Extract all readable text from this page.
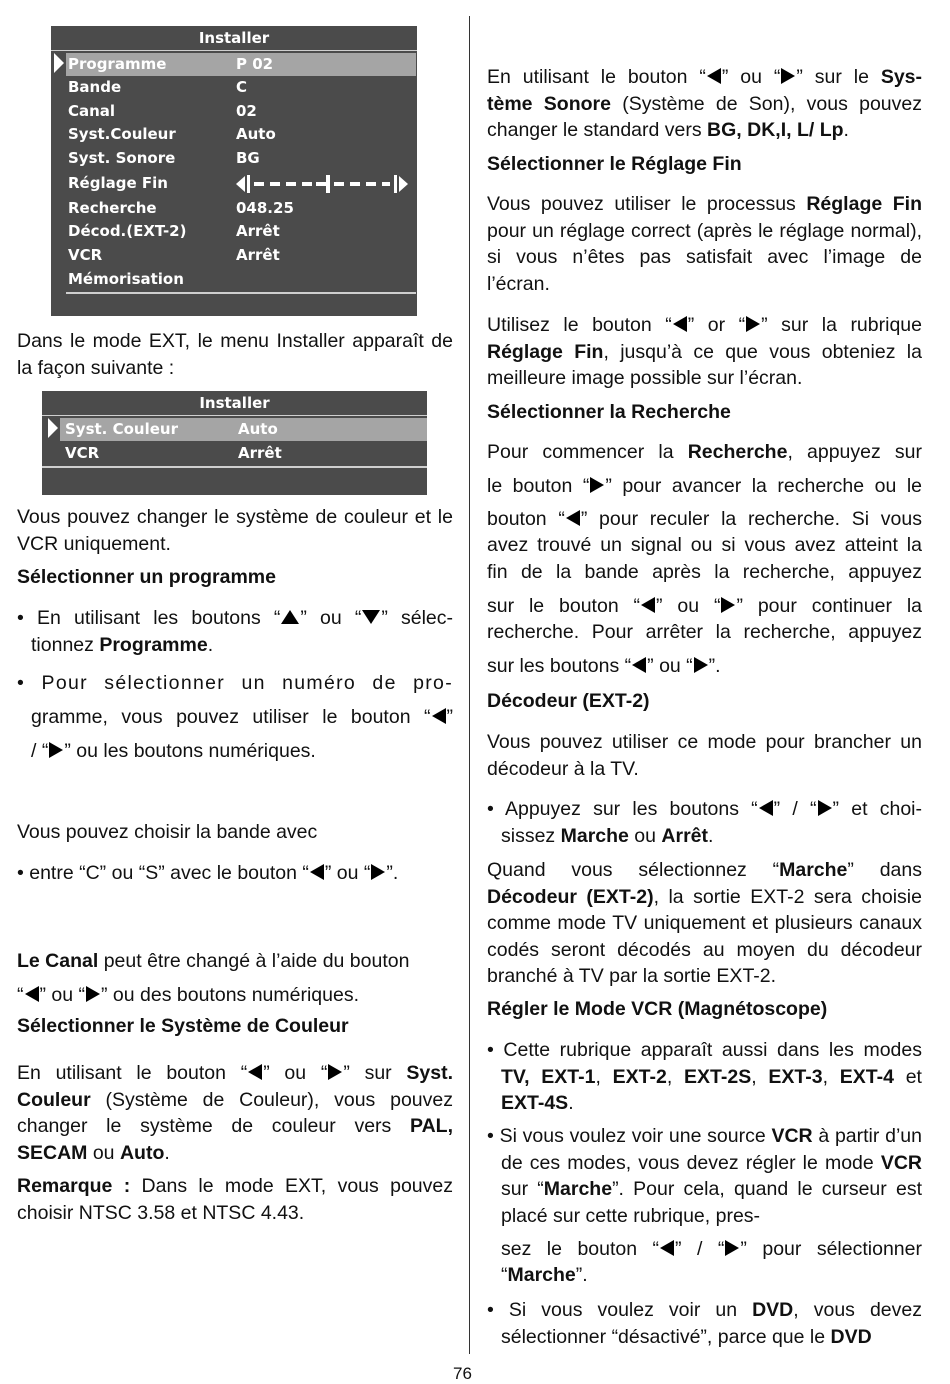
Installer
Programme	P 02
Bande	C
Canal	02
Syst.Couleur	Auto
Syst. Sonore	BG
Réglage Fin
Recherche	048.25
Décod.(EXT-2)	Arrêt
VCR	Arrêt
Mémorisation
Installer
Syst. Couleur	Auto
VCR	Arrêt

Dans le mode EXT, le menu Installer apparaît de la façon suivante :

Vous pouvez changer le système de couleur et le VCR uniquement.

Sélectionner un programme
• En utilisant les boutons “ ” ou “ ” sélec-
tionnez Programme.
• Pour sélectionner un numéro de pro-
gramme, vous pouvez utiliser le bouton “ ”
/ “ ” ou les boutons numériques.

Vous pouvez choisir la bande avec

• entre “C” ou “S” avec le bouton “ ” ou “ ”.
Le Canal peut être changé à l’aide du bouton
“ ” ou “ ” ou des boutons numériques.
Sélectionner le Système de Couleur
En utilisant le bouton “ ” ou “ ” sur Syst.
Couleur (Système de Couleur), vous pouvez
changer le système de couleur vers PAL,
SECAM ou Auto.

Remarque : Dans le mode EXT, vous pouvez choisir NTSC 3.58 et NTSC 4.43.

En utilisant le bouton “ ” ou “ ” sur le Sys-
tème Sonore (Système de Son), vous pouvez
changer le standard vers BG, DK,I, L/ Lp.
Sélectionner le Réglage Fin

Vous pouvez utiliser le processus Réglage Fin pour un réglage correct (après le réglage normal), si vous n’êtes pas satisfait avec l’image de l’écran.

Utilisez le bouton “ ” or “ ” sur la rubrique
Réglage Fin, jusqu’à ce que vous obteniez la meilleure image possible sur l’écran.
Sélectionner la Recherche
Pour commencer la Recherche, appuyez sur
le bouton “ ” pour avancer la recherche ou le
bouton “ ” pour reculer la recherche. Si vous
avez trouvé un signal ou si vous avez atteint la
fin de la bande après la recherche, appuyez
sur le bouton “ ” ou “ ” pour continuer la
recherche. Pour arrêter la recherche, appuyez
sur les boutons “ ” ou “ ”.
Décodeur (EXT-2)

Vous pouvez utiliser ce mode pour brancher un décodeur à la TV.

• Appuyez sur les boutons “ ” / “ ” et choi-
sissez Marche ou Arrêt.

Quand vous sélectionnez “Marche” dans Décodeur (EXT-2), la sortie EXT-2 sera choisie comme mode TV uniquement et plusieurs canaux codés seront décodés au moyen du décodeur branché à TV par la sortie EXT-2.

Régler le Mode VCR (Magnétoscope)
• Cette rubrique apparaît aussi dans les modes TV, EXT-1, EXT-2, EXT-2S, EXT-3, EXT-4 et EXT-4S.
• Si vous voulez voir une source VCR à partir d’un de ces modes, vous devez régler le mode VCR sur “Marche”. Pour cela, quand le curseur est placé sur cette rubrique, pres-
sez le bouton “ ” / “ ” pour sélectionner
“Marche”.
• Si vous voulez voir un DVD, vous devez sélectionner “désactivé”, parce que le DVD
76
